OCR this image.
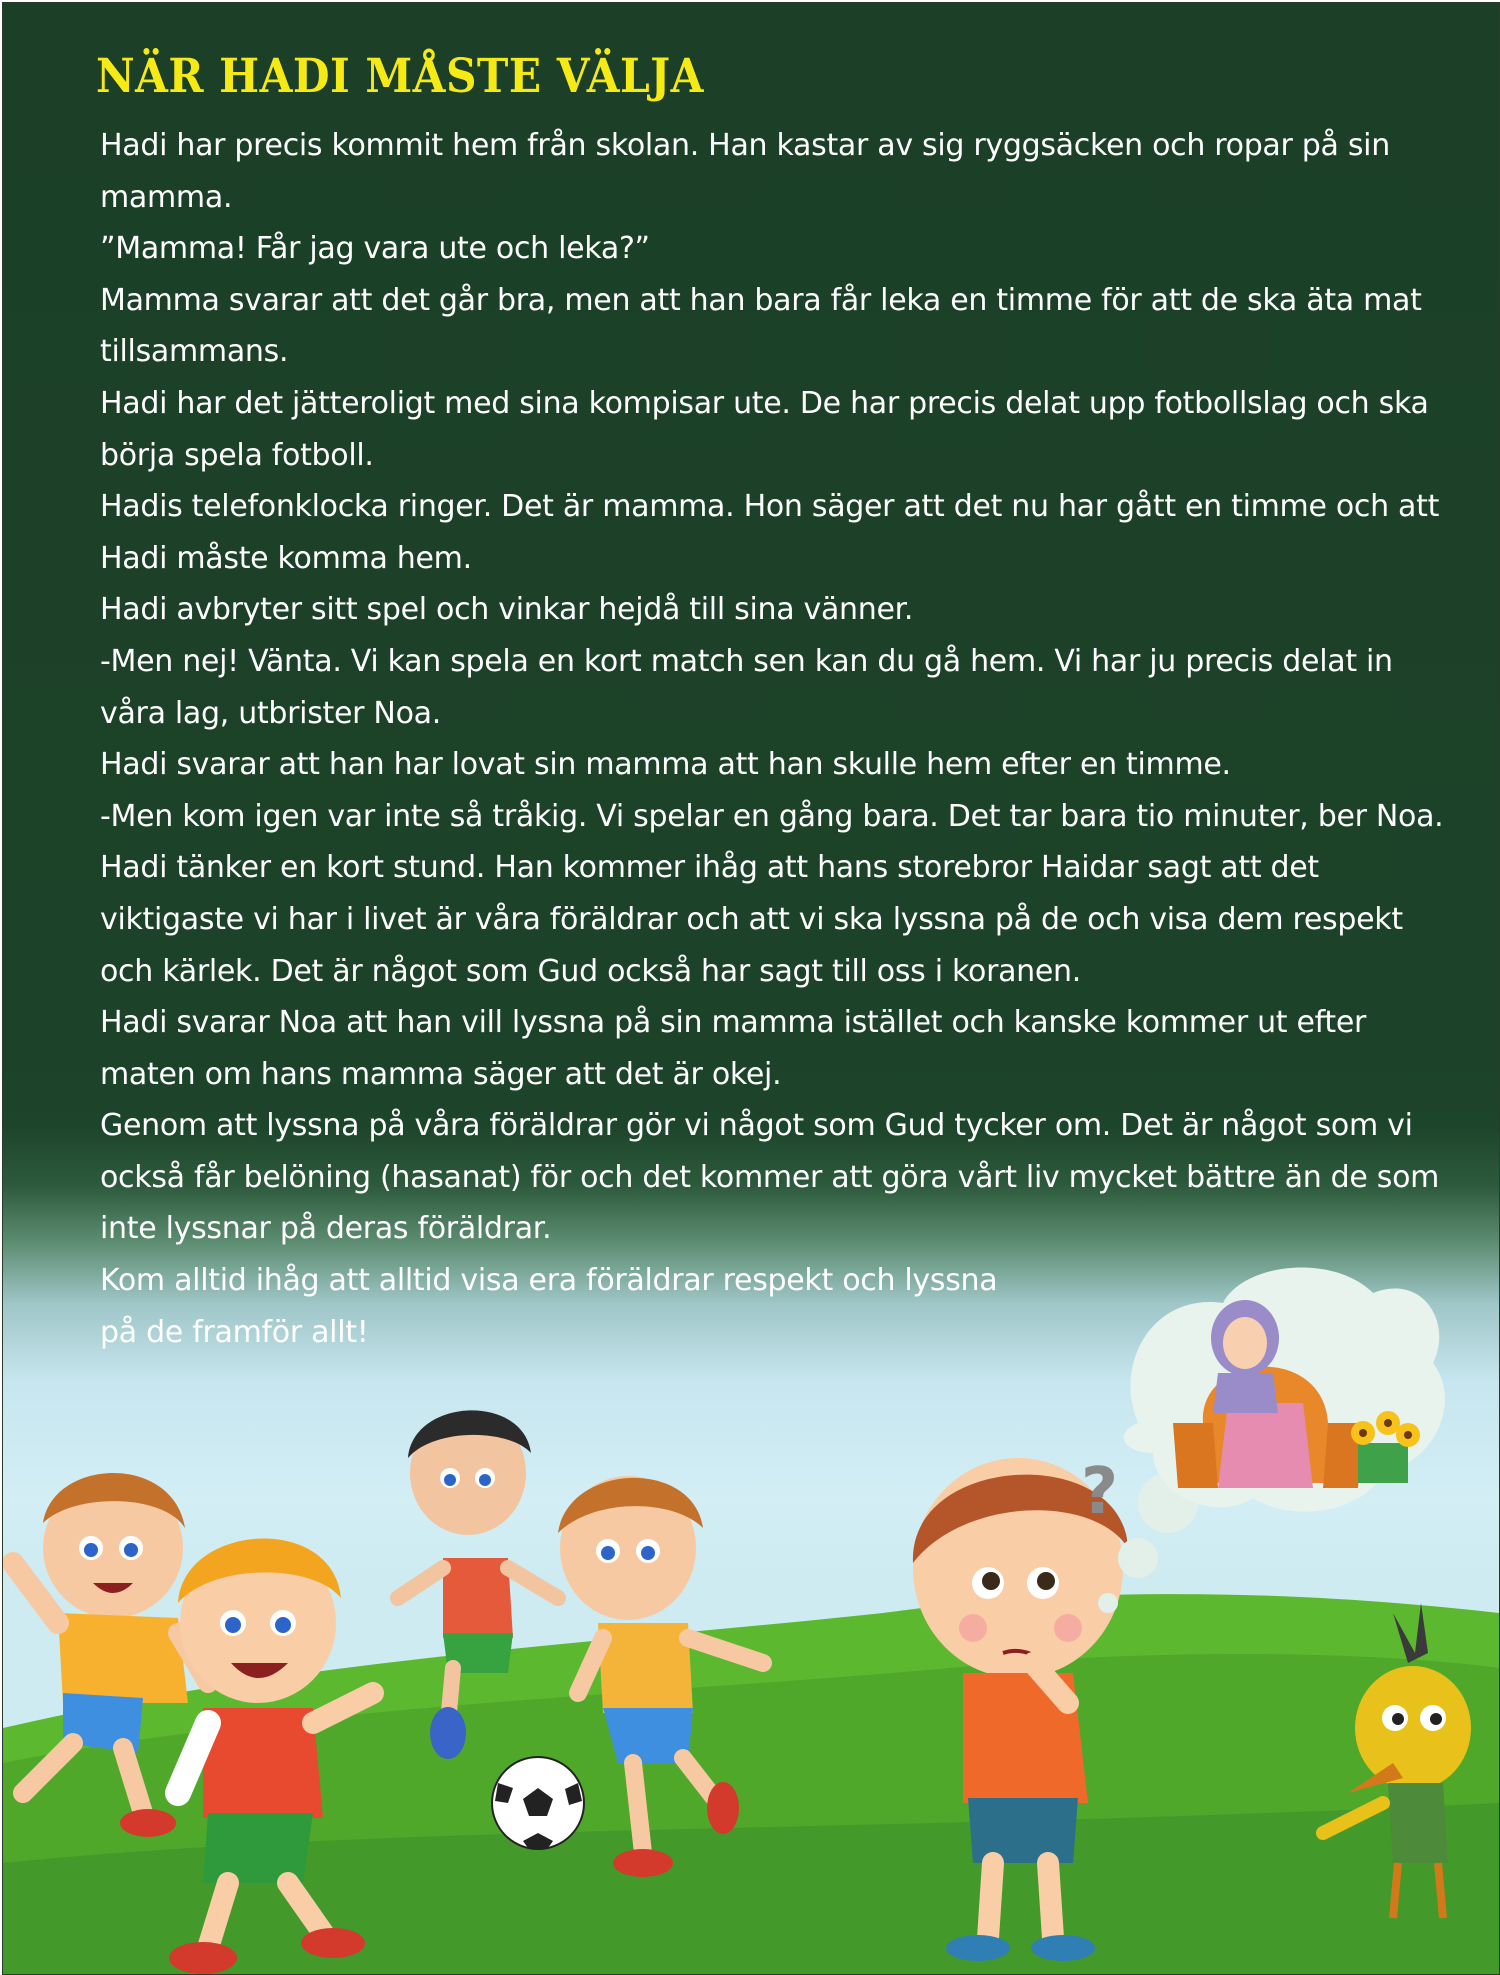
NÄR HADI MÅSTE VÄLJA

Hadi har precis kommit hem från skolan. Han kastar av sig ryggsäcken och ropar på sin mamma.

”Mamma! Får jag vara ute och leka?”

Mamma svarar att det går bra, men att han bara får leka en timme för att de ska äta mat tillsammans.

Hadi har det jätteroligt med sina kompisar ute. De har precis delat upp fotbollslag och ska börja spela fotboll.

Hadis telefonklocka ringer. Det är mamma. Hon säger att det nu har gått en timme och att Hadi måste komma hem.

Hadi avbryter sitt spel och vinkar hejdå till sina vänner.

-Men nej! Vänta. Vi kan spela en kort match sen kan du gå hem. Vi har ju precis delat in våra lag, utbrister Noa.

Hadi svarar att han har lovat sin mamma att han skulle hem efter en timme.

-Men kom igen var inte så tråkig. Vi spelar en gång bara. Det tar bara tio minuter, ber Noa.

Hadi tänker en kort stund. Han kommer ihåg att hans storebror Haidar sagt att det viktigaste vi har i livet är våra föräldrar och att vi ska lyssna på de och visa dem respekt och kärlek. Det är något som Gud också har sagt till oss i koranen.

Hadi svarar Noa att han vill lyssna på sin mamma istället och kanske kommer ut efter maten om hans mamma säger att det är okej.

Genom att lyssna på våra föräldrar gör vi något som Gud tycker om. Det är något som vi också får belöning (hasanat) för och det kommer att göra vårt liv mycket bättre än de som inte lyssnar på deras föräldrar.

Kom alltid ihåg att alltid visa era föräldrar respekt och lyssna på de framför allt!

?
